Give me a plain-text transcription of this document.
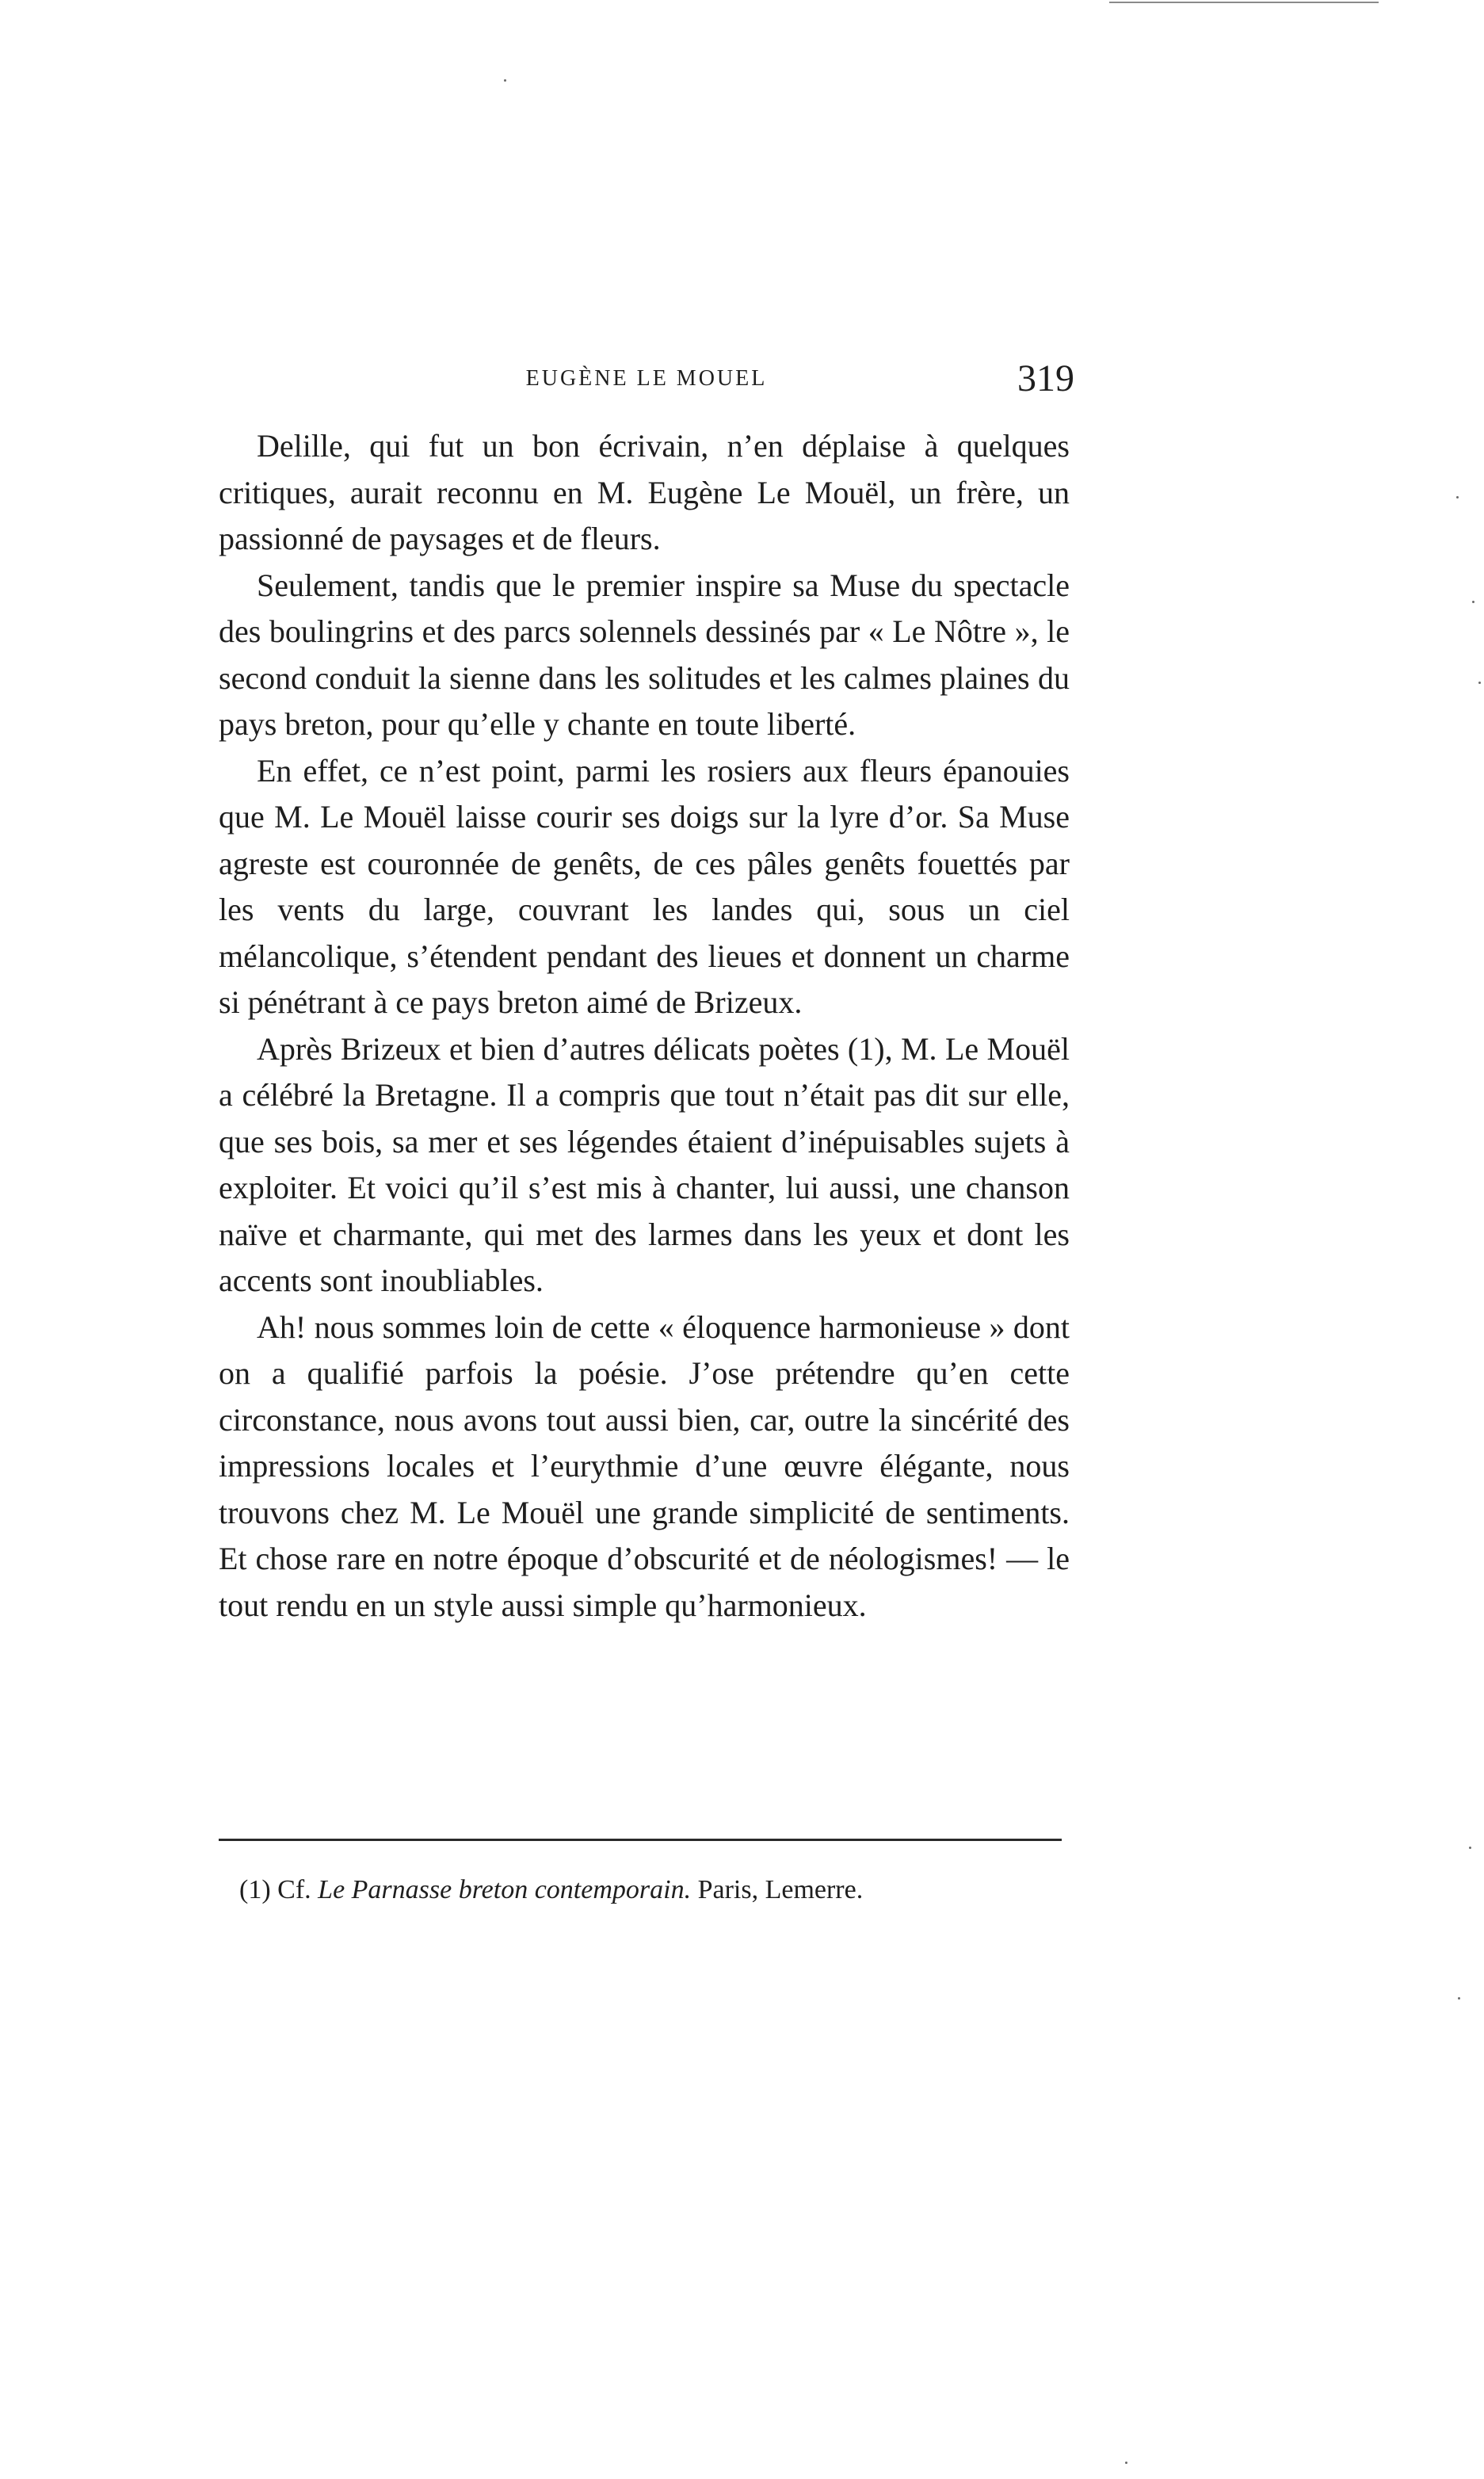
EUGÈNE LE MOUEL	319

Delille, qui fut un bon écrivain, n’en déplaise à quelques critiques, aurait reconnu en M. Eugène Le Mouël, un frère, un passionné de paysages et de fleurs.

Seulement, tandis que le premier inspire sa Muse du spectacle des boulingrins et des parcs solennels dessinés par « Le Nôtre », le second conduit la sienne dans les solitudes et les calmes plaines du pays breton, pour qu’elle y chante en toute liberté.

En effet, ce n’est point, parmi les rosiers aux fleurs épanouies que M. Le Mouël laisse courir ses doigs sur la lyre d’or. Sa Muse agreste est couronnée de genêts, de ces pâles genêts fouettés par les vents du large, couvrant les landes qui, sous un ciel mélancolique, s’étendent pendant des lieues et donnent un charme si pénétrant à ce pays breton aimé de Brizeux.

Après Brizeux et bien d’autres délicats poètes (1), M. Le Mouël a célébré la Bretagne. Il a compris que tout n’était pas dit sur elle, que ses bois, sa mer et ses légendes étaient d’inépuisables sujets à exploiter. Et voici qu’il s’est mis à chanter, lui aussi, une chanson naïve et charmante, qui met des larmes dans les yeux et dont les accents sont inoubliables.

Ah! nous sommes loin de cette « éloquence harmonieuse » dont on a qualifié parfois la poésie. J’ose prétendre qu’en cette circonstance, nous avons tout aussi bien, car, outre la sincérité des impressions locales et l’eurythmie d’une œuvre élégante, nous trouvons chez M. Le Mouël une grande simplicité de sentiments. Et chose rare en notre époque d’obscurité et de néologismes! — le tout rendu en un style aussi simple qu’harmonieux.

(1) Cf. Le Parnasse breton contemporain. Paris, Lemerre.
